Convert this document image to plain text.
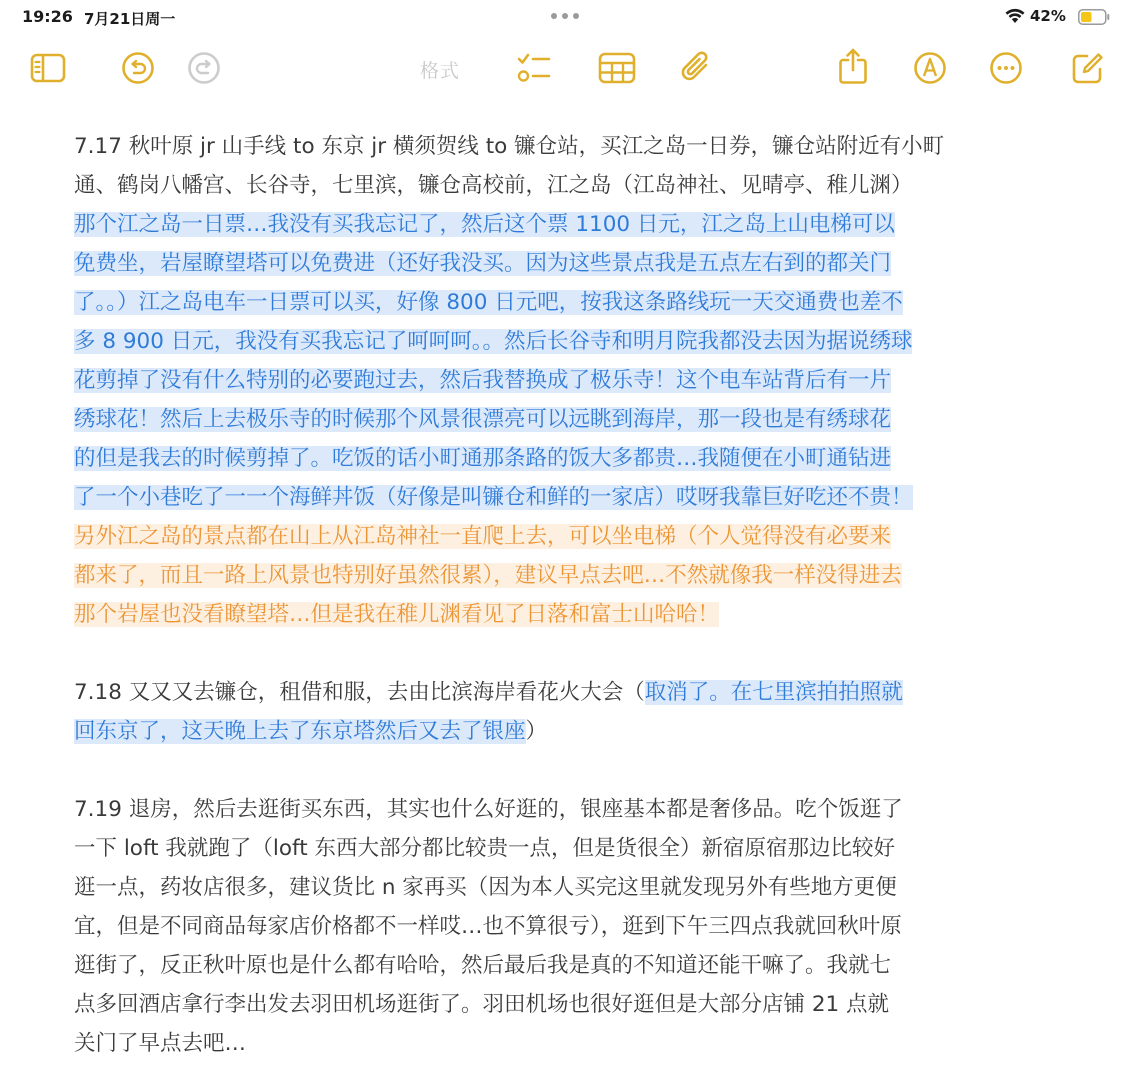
19:26 7月21日周一	42%
格式
7.17 秋叶原 jr 山手线 to 东京 jr 横须贺线 to 镰仓站，买江之岛一日券，镰仓站附近有小町
通、鹤岗八幡宫、长谷寺，七里滨，镰仓高校前，江之岛（江岛神社、见晴亭、稚儿渊）
那个江之岛一日票…我没有买我忘记了，然后这个票 1100 日元，江之岛上山电梯可以
免费坐，岩屋瞭望塔可以免费进（还好我没买。因为这些景点我是五点左右到的都关门
了。。）江之岛电车一日票可以买，好像 800 日元吧，按我这条路线玩一天交通费也差不
多 8 900 日元，我没有买我忘记了呵呵呵。。然后长谷寺和明月院我都没去因为据说绣球
花剪掉了没有什么特别的必要跑过去，然后我替换成了极乐寺！这个电车站背后有一片
绣球花！然后上去极乐寺的时候那个风景很漂亮可以远眺到海岸，那一段也是有绣球花
的但是我去的时候剪掉了。吃饭的话小町通那条路的饭大多都贵…我随便在小町通钻进
了一个小巷吃了一一个海鲜丼饭（好像是叫镰仓和鲜的一家店）哎呀我靠巨好吃还不贵！
另外江之岛的景点都在山上从江岛神社一直爬上去，可以坐电梯（个人觉得没有必要来
都来了，而且一路上风景也特别好虽然很累），建议早点去吧…不然就像我一样没得进去
那个岩屋也没看瞭望塔…但是我在稚儿渊看见了日落和富士山哈哈！
7.18 又又又去镰仓，租借和服，去由比滨海岸看花火大会（取消了。在七里滨拍拍照就
回东京了，这天晚上去了东京塔然后又去了银座）
7.19 退房，然后去逛街买东西，其实也什么好逛的，银座基本都是奢侈品。吃个饭逛了
一下 loft 我就跑了（loft 东西大部分都比较贵一点，但是货很全）新宿原宿那边比较好
逛一点，药妆店很多，建议货比 n 家再买（因为本人买完这里就发现另外有些地方更便
宜，但是不同商品每家店价格都不一样哎…也不算很亏），逛到下午三四点我就回秋叶原
逛街了，反正秋叶原也是什么都有哈哈，然后最后我是真的不知道还能干嘛了。我就七
点多回酒店拿行李出发去羽田机场逛街了。羽田机场也很好逛但是大部分店铺 21 点就
关门了早点去吧…
